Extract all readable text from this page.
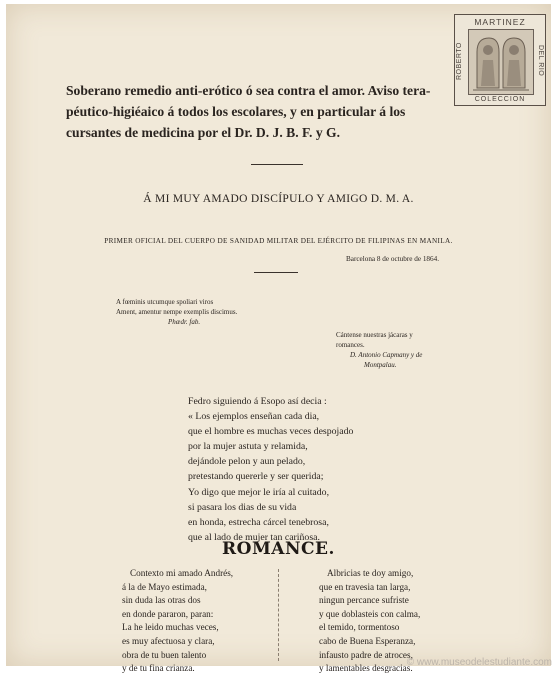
MARTINEZ
ROBERTO	DEL RIO
COLECCION
Soberano remedio anti-erótico ó sea contra el amor. Aviso tera-
péutico-higiéaico á todos los escolares, y en particular á los
cursantes de medicina por el Dr. D. J. B. F. y G.
Á MI MUY AMADO DISCÍPULO Y AMIGO D. M. A.
PRIMER OFICIAL DEL CUERPO DE SANIDAD MILITAR DEL EJÉRCITO DE FILIPINAS EN MANILA.
Barcelona 8 de octubre de 1864.
A fœminis utcumque spoliari viros
Ament, amentur nempe exemplis discimus.
Phædr. fab.
Cántense nuestras jácaras y
romances.
D. Antonio Capmany y de
Montpalau.
Fedro siguiendo á Esopo así decia :
« Los ejemplos enseñan cada dia,
que el hombre es muchas veces despojado
por la mujer astuta y relamida,
dejándole pelon y aun pelado,
pretestando quererle y ser querida;
Yo digo que mejor le iría al cuitado,
si pasara los dias de su vida
en honda, estrecha cárcel tenebrosa,
que al lado de mujer tan cariñosa.
ROMANCE.
Contexto mi amado Andrés,
á la de Mayo estimada,
sin duda las otras dos
en donde pararon, paran:
La he leido muchas veces,
es muy afectuosa y clara,
obra de tu buen talento
y de tu fina crianza.
Albricias te doy amigo,
que en travesia tan larga,
ningun percance sufriste
y que doblasteis con calma,
el temido, tormentoso
cabo de Buena Esperanza,
infausto padre de atroces,
y lamentables desgracias.
© www.museodelestudiante.com
